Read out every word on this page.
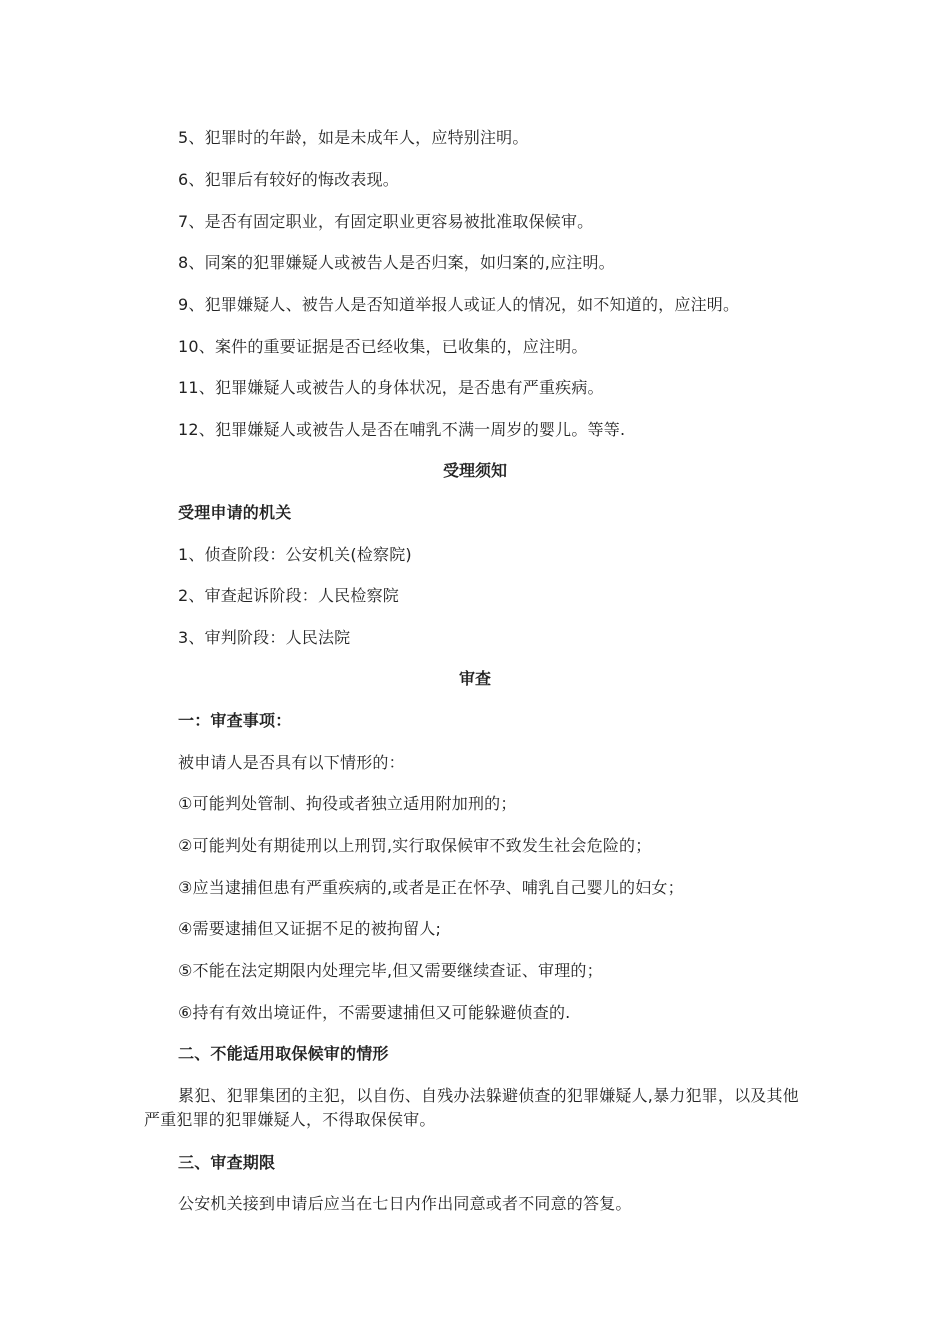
5、犯罪时的年龄，如是未成年人，应特别注明。
6、犯罪后有较好的悔改表现。
7、是否有固定职业，有固定职业更容易被批准取保候审。
8、同案的犯罪嫌疑人或被告人是否归案，如归案的,应注明。
9、犯罪嫌疑人、被告人是否知道举报人或证人的情况，如不知道的，应注明。
10、案件的重要证据是否已经收集，已收集的，应注明。
11、犯罪嫌疑人或被告人的身体状况，是否患有严重疾病。
12、犯罪嫌疑人或被告人是否在哺乳不满一周岁的婴儿。等等.
受理须知
受理申请的机关
1、侦查阶段：公安机关(检察院)
2、审查起诉阶段：人民检察院
3、审判阶段：人民法院
审查
一：审查事项：
被申请人是否具有以下情形的：
①可能判处管制、拘役或者独立适用附加刑的；
②可能判处有期徒刑以上刑罚,实行取保候审不致发生社会危险的；
③应当逮捕但患有严重疾病的,或者是正在怀孕、哺乳自己婴儿的妇女；
④需要逮捕但又证据不足的被拘留人;
⑤不能在法定期限内处理完毕,但又需要继续查证、审理的；
⑥持有有效出境证件，不需要逮捕但又可能躲避侦查的.
二、不能适用取保候审的情形
累犯、犯罪集团的主犯，以自伤、自残办法躲避侦查的犯罪嫌疑人,暴力犯罪，以及其他严重犯罪的犯罪嫌疑人，不得取保侯审。
三、审查期限
公安机关接到申请后应当在七日内作出同意或者不同意的答复。
